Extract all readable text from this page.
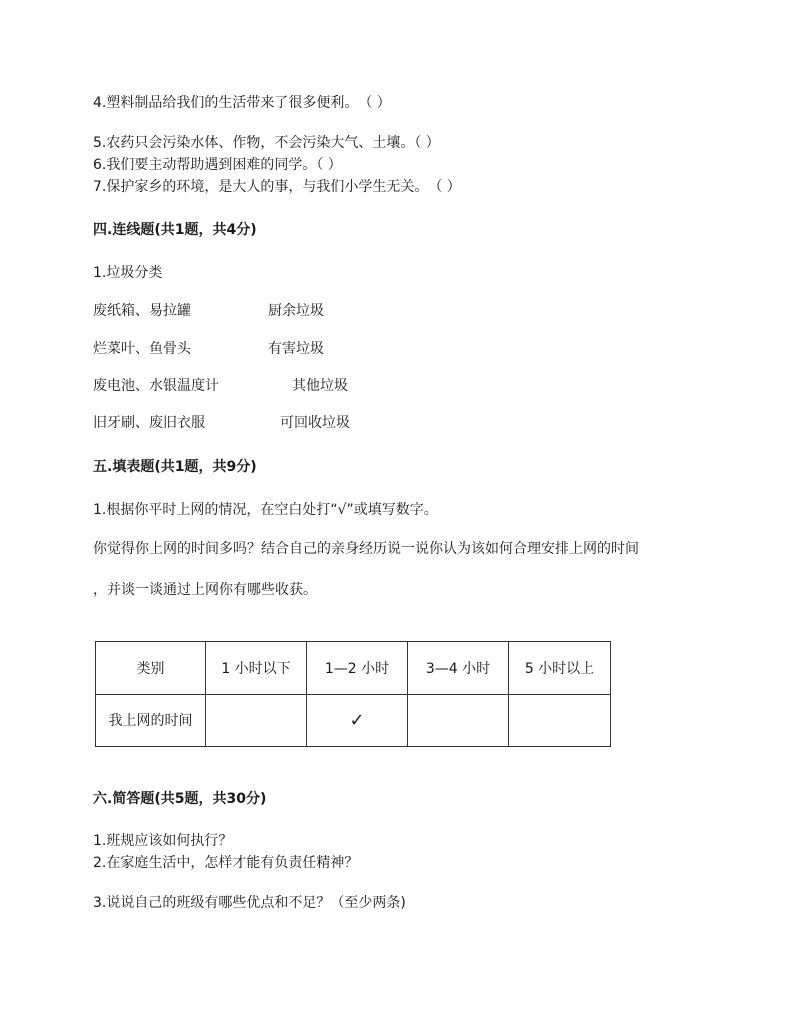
4.塑料制品给我们的生活带来了很多便利。　（ ）
5.农药只会污染水体、作物，不会污染大气、土壤。（ ）
6.我们要主动帮助遇到困难的同学。（ ）
7.保护家乡的环境，是大人的事，与我们小学生无关。　（ ）
四.连线题(共1题，共4分)
1.垃圾分类
废纸箱、易拉罐	厨余垃圾
烂菜叶、鱼骨头	有害垃圾
废电池、水银温度计	其他垃圾
旧牙刷、废旧衣服	可回收垃圾
五.填表题(共1题，共9分)
1.根据你平时上网的情况，在空白处打“√”或填写数字。
你觉得你上网的时间多吗？结合自己的亲身经历说一说你认为该如何合理安排上网的时间
，并谈一谈通过上网你有哪些收获。
类别	1 小时以下	1—2 小时	3—4 小时	5 小时以上
我上网的时间		✓		
六.简答题(共5题，共30分)
1.班规应该如何执行？
2.在家庭生活中，怎样才能有负责任精神？
3.说说自己的班级有哪些优点和不足？（至少两条)
